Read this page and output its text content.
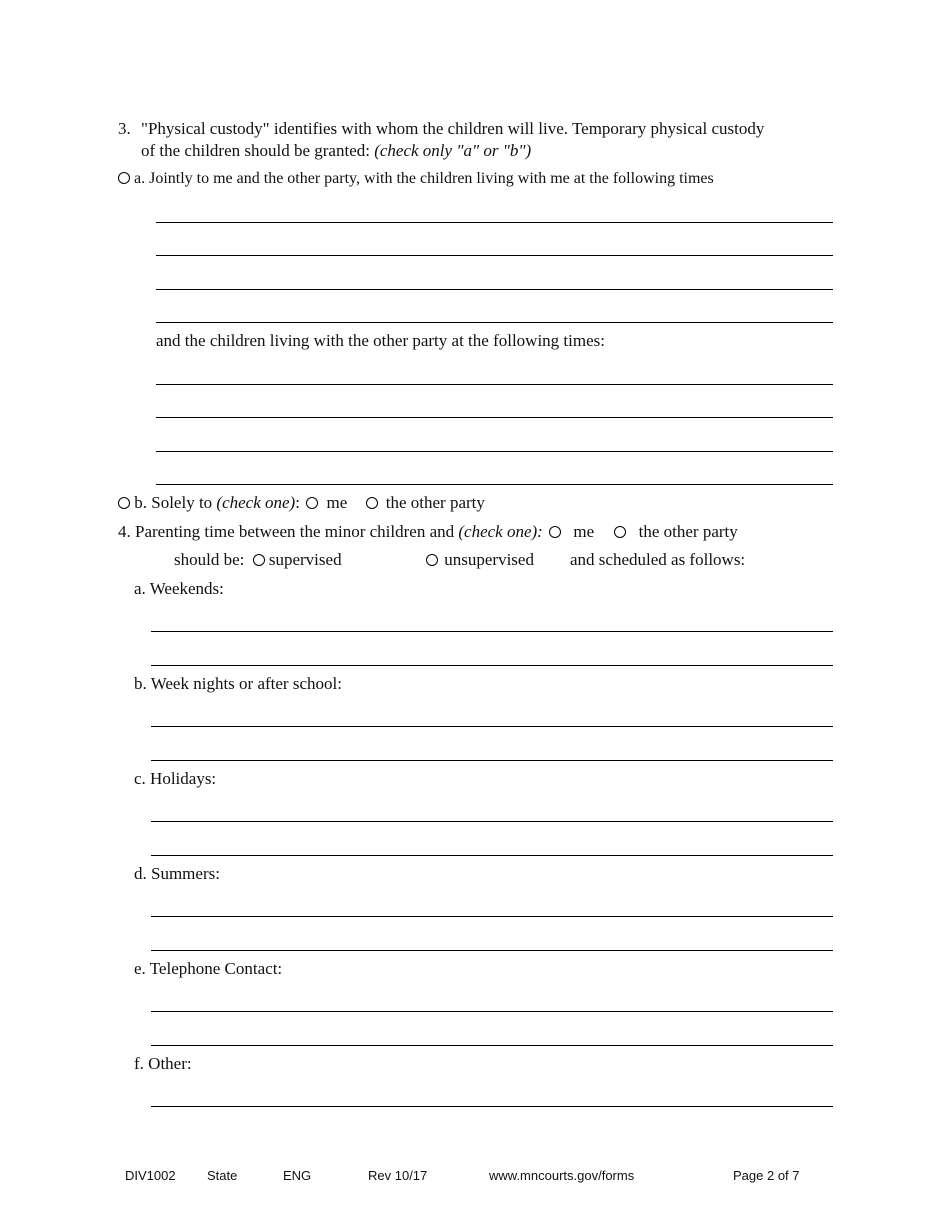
3. "Physical custody" identifies with whom the children will live. Temporary physical custody
of the children should be granted: (check only "a" or "b")
a. Jointly to me and the other party, with the children living with me at the following times
and the children living with the other party at the following times:
b. Solely to (check one): me the other party
4. Parenting time between the minor children and (check one): me	the other party
should be: supervised	unsupervised and scheduled as follows:
a. Weekends:
b. Week nights or after school:
c. Holidays:
d. Summers:
e. Telephone Contact:
f. Other:
DIV1002 State	ENG	Rev 10/17	www.mncourts.gov/forms	Page 2 of 7
